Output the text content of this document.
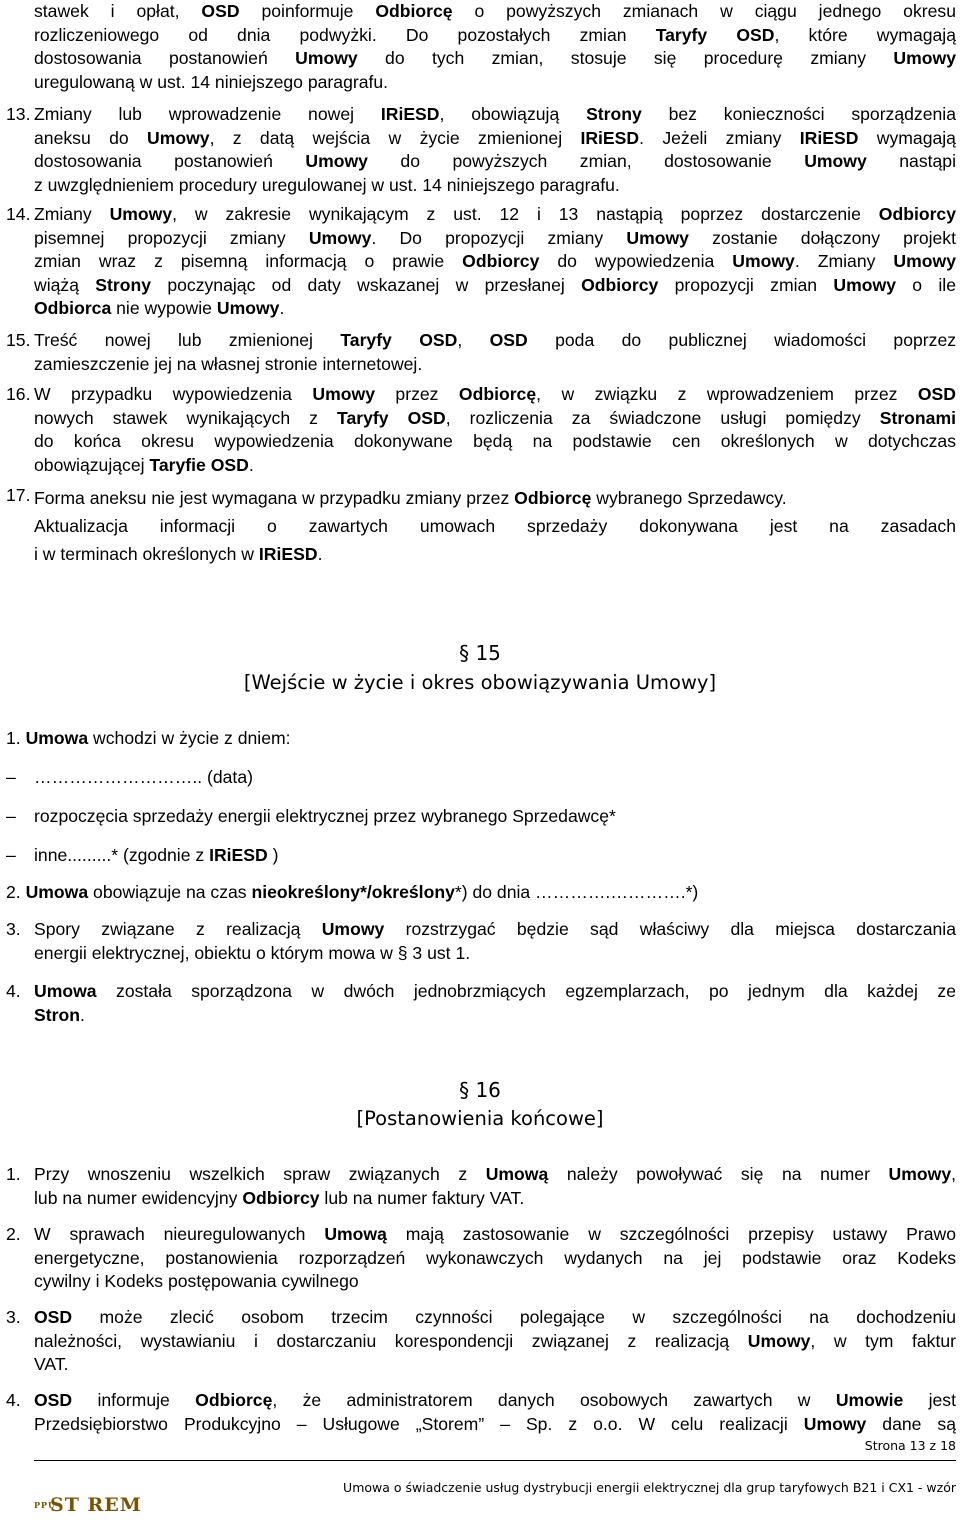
stawek i opłat, OSD poinformuje Odbiorcę o powyższych zmianach w ciągu jednego okresu
rozliczeniowego od dnia podwyżki. Do pozostałych zmian Taryfy OSD, które wymagają
dostosowania postanowień Umowy do tych zmian, stosuje się procedurę zmiany Umowy
uregulowaną w ust. 14 niniejszego paragrafu.
13. Zmiany lub wprowadzenie nowej IRiESD, obowiązują Strony bez konieczności sporządzenia
aneksu do Umowy, z datą wejścia w życie zmienionej IRiESD. Jeżeli zmiany IRiESD wymagają
dostosowania postanowień Umowy do powyższych zmian, dostosowanie Umowy nastąpi
z uwzględnieniem procedury uregulowanej w ust. 14 niniejszego paragrafu.
14. Zmiany Umowy, w zakresie wynikającym z ust. 12 i 13 nastąpią poprzez dostarczenie Odbiorcy
pisemnej propozycji zmiany Umowy. Do propozycji zmiany Umowy zostanie dołączony projekt
zmian wraz z pisemną informacją o prawie Odbiorcy do wypowiedzenia Umowy. Zmiany Umowy
wiążą Strony poczynając od daty wskazanej w przesłanej Odbiorcy propozycji zmian Umowy o ile
Odbiorca nie wypowie Umowy.
15. Treść nowej lub zmienionej Taryfy OSD, OSD poda do publicznej wiadomości poprzez
zamieszczenie jej na własnej stronie internetowej.
16. W przypadku wypowiedzenia Umowy przez Odbiorcę, w związku z wprowadzeniem przez OSD
nowych stawek wynikających z Taryfy OSD, rozliczenia za świadczone usługi pomiędzy Stronami
do końca okresu wypowiedzenia dokonywane będą na podstawie cen określonych w dotychczas
obowiązującej Taryfie OSD.
17. Forma aneksu nie jest wymagana w przypadku zmiany przez Odbiorcę wybranego Sprzedawcy.
Aktualizacja informacji o zawartych umowach sprzedaży dokonywana jest na zasadach
i w terminach określonych w IRiESD.
§ 15
[Wejście w życie i okres obowiązywania Umowy]
1. Umowa wchodzi w życie z dniem:
–	……………………….. (data)
–	rozpoczęcia sprzedaży energii elektrycznej przez wybranego Sprzedawcę*
–	inne.........* (zgodnie z IRiESD )
2. Umowa obowiązuje na czas nieokreślony*/określony*) do dnia ………….………….*)
3. Spory związane z realizacją Umowy rozstrzygać będzie sąd właściwy dla miejsca dostarczania
energii elektrycznej, obiektu o którym mowa w § 3 ust 1.
4. Umowa została sporządzona w dwóch jednobrzmiących egzemplarzach, po jednym dla każdej ze
Stron.
§ 16
[Postanowienia końcowe]
1. Przy wnoszeniu wszelkich spraw związanych z Umową należy powoływać się na numer Umowy,
lub na numer ewidencyjny Odbiorcy lub na numer faktury VAT.
2. W sprawach nieuregulowanych Umową mają zastosowanie w szczególności przepisy ustawy Prawo
energetyczne, postanowienia rozporządzeń wykonawczych wydanych na jej podstawie oraz Kodeks
cywilny i Kodeks postępowania cywilnego
3. OSD może zlecić osobom trzecim czynności polegające w szczególności na dochodzeniu
należności, wystawianiu i dostarczaniu korespondencji związanej z realizacją Umowy, w tym faktur
VAT.
4. OSD informuje Odbiorcę, że administratorem danych osobowych zawartych w Umowie jest
Przedsiębiorstwo Produkcyjno – Usługowe „Storem” – Sp. z o.o. W celu realizacji Umowy dane są
Strona 13 z 18
PPU
ST REM
Umowa o świadczenie usług dystrybucji energii elektrycznej dla grup taryfowych B21 i CX1 - wzór
